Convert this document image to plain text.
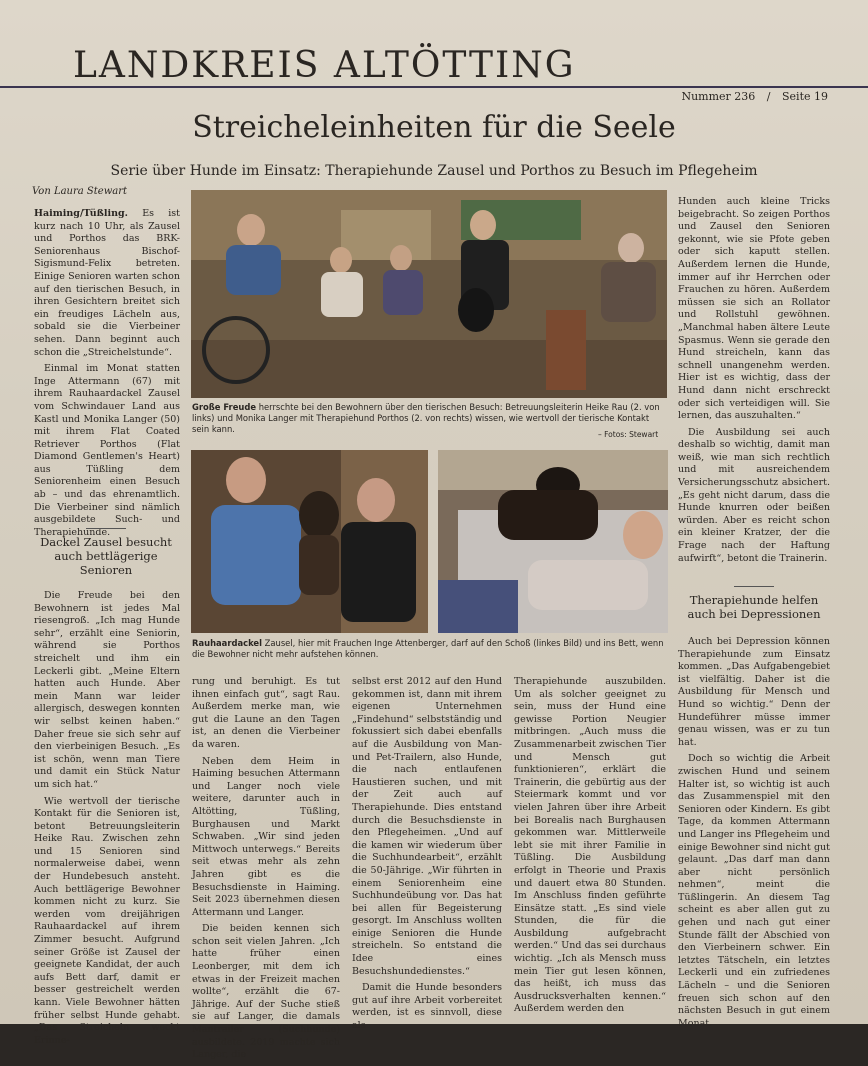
LANDKREIS ALTÖTTING
Nummer 236 / Seite 19
Streicheleinheiten für die Seele
Serie über Hunde im Einsatz: Therapiehunde Zausel und Porthos zu Besuch im Pflegeheim
Von Laura Stewart

Haiming/Tüßling. Es ist kurz nach 10 Uhr, als Zausel und Porthos das BRK-Seniorenhaus Bischof-Sigismund-Felix betreten. Einige Senioren warten schon auf den tierischen Besuch, in ihren Gesichtern breitet sich ein freudiges Lächeln aus, sobald sie die Vierbeiner sehen. Dann beginnt auch schon die „Streichelstunde“.

Einmal im Monat statten Inge Attermann (67) mit ihrem Rauhaardackel Zausel vom Schwindauer Land aus Kastl und Monika Langer (50) mit ihrem Flat Coated Retriever Porthos (Flat Diamond Gentlemen's Heart) aus Tüßling dem Seniorenheim einen Besuch ab – und das ehrenamtlich. Die Vierbeiner sind nämlich ausgebildete Such- und Therapiehunde.

Dackel Zausel besucht auch bettlägerige Senioren

Die Freude bei den Bewohnern ist jedes Mal riesengroß. „Ich mag Hunde sehr“, erzählt eine Seniorin, während sie Porthos streichelt und ihm ein Leckerli gibt. „Meine Eltern hatten auch Hunde. Aber mein Mann war leider allergisch, deswegen konnten wir selbst keinen haben.“ Daher freue sie sich sehr auf den vierbeinigen Besuch. „Es ist schön, wenn man Tiere und damit ein Stück Natur um sich hat.“

Wie wertvoll der tierische Kontakt für die Senioren ist, betont Betreuungsleiterin Heike Rau. Zwischen zehn und 15 Senioren sind normalerweise dabei, wenn der Hundebesuch ansteht. Auch bettlägerige Bewohner kommen nicht zu kurz. Sie werden vom dreijährigen Rauhaardackel auf ihrem Zimmer besucht. Aufgrund seiner Größe ist Zausel der geeignete Kandidat, der auch aufs Bett darf, damit er besser gestreichelt werden kann. Viele Bewohner hätten früher selbst Hunde gehabt. „Das Streicheln weckt Erinne-

Große Freude herrschte bei den Bewohnern über den tierischen Besuch: Betreuungsleiterin Heike Rau (2. von links) und Monika Langer mit Therapiehund Porthos (2. von rechts) wissen, wie wertvoll der tierische Kontakt sein kann.
– Fotos: Stewart
Rauhaardackel Zausel, hier mit Frauchen Inge Attenberger, darf auf den Schoß (linkes Bild) und ins Bett, wenn die Bewohner nicht mehr aufstehen können.

rung und beruhigt. Es tut ihnen einfach gut“, sagt Rau. Außerdem merke man, wie gut die Laune an den Tagen ist, an denen die Vierbeiner da waren.

Neben dem Heim in Haiming besuchen Attermann und Langer noch viele weitere, darunter auch in Altötting, Tüßling, Burghausen und Markt Schwaben. „Wir sind jeden Mittwoch unterwegs.“ Bereits seit etwas mehr als zehn Jahren gibt es die Besuchsdienste in Haiming. Seit 2023 übernehmen diesen Attermann und Langer.

Die beiden kennen sich schon seit vielen Jahren. „Ich hatte früher einen Leonberger, mit dem ich etwas in der Freizeit machen wollte“, erzählt die 67-Jährige. Auf der Suche stieß sie auf Langer, die damals Mantrailer (Suchhunde) ausbildete. 2019 machte sich Langer, die

selbst erst 2012 auf den Hund gekommen ist, dann mit ihrem eigenen Unternehmen „Findehund“ selbstständig und fokussiert sich dabei ebenfalls auf die Ausbildung von Man- und Pet-Trailern, also Hunde, die nach entlaufenen Haustieren suchen, und mit der Zeit auch auf Therapiehunde. Dies entstand durch die Besuchsdienste in den Pflegeheimen. „Und auf die kamen wir wiederum über die Suchhundearbeit“, erzählt die 50-Jährige. „Wir führten in einem Seniorenheim eine Suchhundeübung vor. Das hat bei allen für Begeisterung gesorgt. Im Anschluss wollten einige Senioren die Hunde streicheln. So entstand die Idee eines Besuchshundedienstes.“

Damit die Hunde besonders gut auf ihre Arbeit vorbereitet werden, ist es sinnvoll, diese als

Therapiehunde auszubilden. Um als solcher geeignet zu sein, muss der Hund eine gewisse Portion Neugier mitbringen. „Auch muss die Zusammenarbeit zwischen Tier und Mensch gut funktionieren“, erklärt die Trainerin, die gebürtig aus der Steiermark kommt und vor vielen Jahren über ihre Arbeit bei Borealis nach Burghausen gekommen war. Mittlerweile lebt sie mit ihrer Familie in Tüßling. Die Ausbildung erfolgt in Theorie und Praxis und dauert etwa 80 Stunden. Im Anschluss finden geführte Einsätze statt. „Es sind viele Stunden, die für die Ausbildung aufgebracht werden.“ Und das sei durchaus wichtig. „Ich als Mensch muss mein Tier gut lesen können, das heißt, ich muss das Ausdrucksverhalten kennen.“ Außerdem werden den

Hunden auch kleine Tricks beigebracht. So zeigen Porthos und Zausel den Senioren gekonnt, wie sie Pfote geben oder sich kaputt stellen. Außerdem lernen die Hunde, immer auf ihr Herrchen oder Frauchen zu hören. Außerdem müssen sie sich an Rollator und Rollstuhl gewöhnen. „Manchmal haben ältere Leute Spasmus. Wenn sie gerade den Hund streicheln, kann das schnell unangenehm werden. Hier ist es wichtig, dass der Hund dann nicht erschreckt oder sich verteidigen will. Sie lernen, das auszuhalten.“

Die Ausbildung sei auch deshalb so wichtig, damit man weiß, wie man sich rechtlich und mit ausreichendem Versicherungsschutz absichert. „Es geht nicht darum, dass die Hunde knurren oder beißen würden. Aber es reicht schon ein kleiner Kratzer, der die Frage nach der Haftung aufwirft“, betont die Trainerin.

Therapiehunde helfen auch bei Depressionen

Auch bei Depression können Therapiehunde zum Einsatz kommen. „Das Aufgabengebiet ist vielfältig. Daher ist die Ausbildung für Mensch und Hund so wichtig.“ Denn der Hundeführer müsse immer genau wissen, was er zu tun hat.

Doch so wichtig die Arbeit zwischen Hund und seinem Halter ist, so wichtig ist auch das Zusammenspiel mit den Senioren oder Kindern. Es gibt Tage, da kommen Attermann und Langer ins Pflegeheim und einige Bewohner sind nicht gut gelaunt. „Das darf man dann aber nicht persönlich nehmen“, meint die Tüßlingerin. An diesem Tag scheint es aber allen gut zu gehen und nach gut einer Stunde fällt der Abschied von den Vierbeinern schwer. Ein letztes Tätscheln, ein letztes Leckerli und ein zufriedenes Lächeln – und die Senioren freuen sich schon auf den nächsten Besuch in gut einem Monat.
